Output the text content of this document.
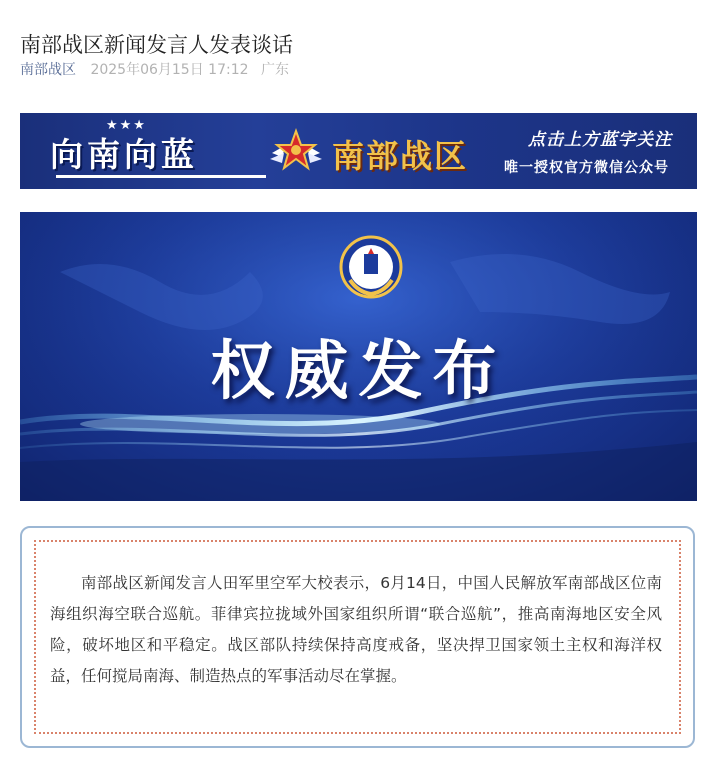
南部战区新闻发言人发表谈话
南部战区 2025年06月15日 17:12 广东
★★★
向南向蓝	南部战区	点击上方蓝字关注
唯一授权官方微信公众号
权威发布
南部战区新闻发言人田军里空军大校表示，6月14日，中国人民解放军南部战区位南海组织海空联合巡航。菲律宾拉拢域外国家组织所谓“联合巡航”，推高南海地区安全风险，破坏地区和平稳定。战区部队持续保持高度戒备，坚决捍卫国家领土主权和海洋权益，任何搅局南海、制造热点的军事活动尽在掌握。
